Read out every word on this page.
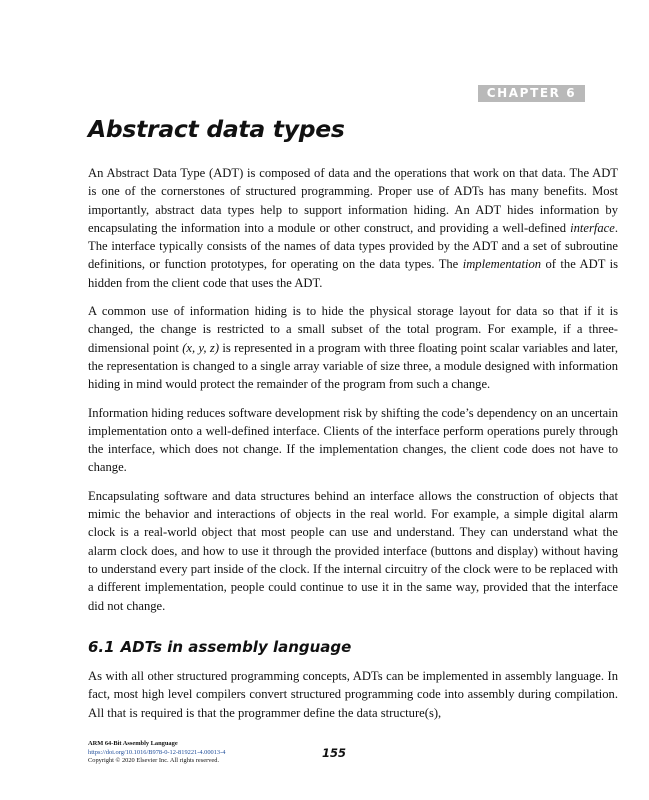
CHAPTER 6
Abstract data types

An Abstract Data Type (ADT) is composed of data and the operations that work on that data. The ADT is one of the cornerstones of structured programming. Proper use of ADTs has many benefits. Most importantly, abstract data types help to support information hiding. An ADT hides information by encapsulating the information into a module or other construct, and providing a well-defined interface. The interface typically consists of the names of data types provided by the ADT and a set of subroutine definitions, or function prototypes, for operating on the data types. The implementation of the ADT is hidden from the client code that uses the ADT.

A common use of information hiding is to hide the physical storage layout for data so that if it is changed, the change is restricted to a small subset of the total program. For example, if a three-dimensional point (x, y, z) is represented in a program with three floating point scalar variables and later, the representation is changed to a single array variable of size three, a module designed with information hiding in mind would protect the remainder of the program from such a change.

Information hiding reduces software development risk by shifting the code’s dependency on an uncertain implementation onto a well-defined interface. Clients of the interface perform operations purely through the interface, which does not change. If the implementation changes, the client code does not have to change.

Encapsulating software and data structures behind an interface allows the construction of objects that mimic the behavior and interactions of objects in the real world. For example, a simple digital alarm clock is a real-world object that most people can use and understand. They can understand what the alarm clock does, and how to use it through the provided interface (buttons and display) without having to understand every part inside of the clock. If the internal circuitry of the clock were to be replaced with a different implementation, people could continue to use it in the same way, provided that the interface did not change.

6.1 ADTs in assembly language

As with all other structured programming concepts, ADTs can be implemented in assembly language. In fact, most high level compilers convert structured programming code into assembly during compilation. All that is required is that the programmer define the data structure(s),

ARM 64-Bit Assembly Language
https://doi.org/10.1016/B978-0-12-819221-4.00013-4
Copyright © 2020 Elsevier Inc. All rights reserved.
155
